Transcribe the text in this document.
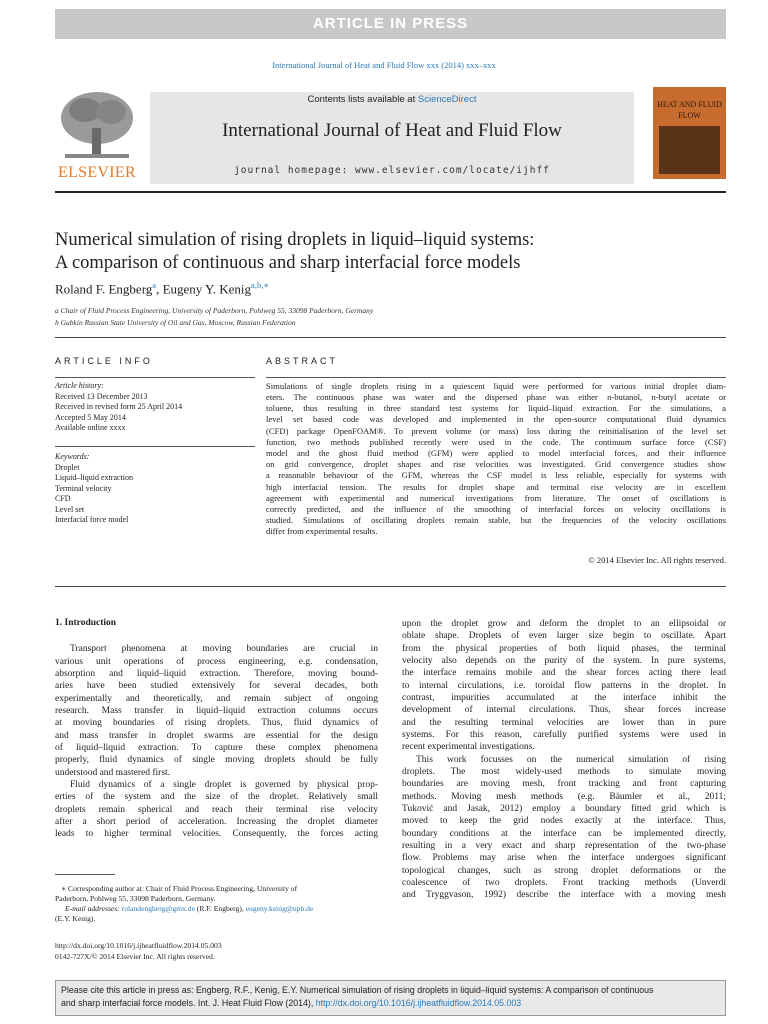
ARTICLE IN PRESS
International Journal of Heat and Fluid Flow xxx (2014) xxx–xxx
ELSEVIER
Contents lists available at ScienceDirect
International Journal of Heat and Fluid Flow
journal homepage: www.elsevier.com/locate/ijhff
HEAT AND FLUID FLOW
Numerical simulation of rising droplets in liquid–liquid systems:
A comparison of continuous and sharp interfacial force models
Roland F. Engberg$^a$, Eugeny Y. Kenig$^{a,b,∗}$
a Chair of Fluid Process Engineering, University of Paderborn, Pohlweg 55, 33098 Paderborn, Germany
b Gubkin Russian State University of Oil and Gas, Moscow, Russian Federation
ARTICLE INFO
Article history:
Received 13 December 2013
Received in revised form 25 April 2014
Accepted 5 May 2014
Available online xxxx
Keywords:
Droplet
Liquid–liquid extraction
Terminal velocity
CFD
Level set
Interfacial force model
ABSTRACT
Simulations of single droplets rising in a quiescent liquid were performed for various initial droplet diam-
eters. The continuous phase was water and the dispersed phase was either n-butanol, n-butyl acetate or
toluene, thus resulting in three standard test systems for liquid–liquid extraction. For the simulations, a
level set based code was developed and implemented in the open-source computational fluid dynamics
(CFD) package OpenFOAM®. To prevent volume (or mass) loss during the reinitialisation of the level set
function, two methods published recently were used in the code. The continuum surface force (CSF)
model and the ghost fluid method (GFM) were applied to model interfacial forces, and their influence
on grid convergence, droplet shapes and rise velocities was investigated. Grid convergence studies show
a reasonable behaviour of the GFM, whereas the CSF model is less reliable, especially for systems with
high interfacial tension. The results for droplet shape and terminal rise velocity are in excellent
agreement with experimental and numerical investigations from literature. The onset of oscillations is
correctly predicted, and the influence of the smoothing of interfacial forces on velocity oscillations is
studied. Simulations of oscillating droplets remain stable, but the frequencies of the velocity oscillations
differ from experimental results.
© 2014 Elsevier Inc. All rights reserved.
1. Introduction
Transport phenomena at moving boundaries are crucial in
various unit operations of process engineering, e.g. condensation,
absorption and liquid–liquid extraction. Therefore, moving bound-
aries have been studied extensively for several decades, both
experimentally and theoretically, and remain subject of ongoing
research. Mass transfer in liquid–liquid extraction columns occurs
at moving boundaries of rising droplets. Thus, fluid dynamics of
and mass transfer in droplet swarms are essential for the design
of liquid–liquid extraction. To capture these complex phenomena
properly, fluid dynamics of single moving droplets should be fully
understood and mastered first.
Fluid dynamics of a single droplet is governed by physical prop-
erties of the system and the size of the droplet. Relatively small
droplets remain spherical and reach their terminal rise velocity
after a short period of acceleration. Increasing the droplet diameter
leads to higher terminal velocities. Consequently, the forces acting
upon the droplet grow and deform the droplet to an ellipsoidal or
oblate shape. Droplets of even larger size begin to oscillate. Apart
from the physical properties of both liquid phases, the terminal
velocity also depends on the purity of the system. In pure systems,
the interface remains mobile and the shear forces acting there lead
to internal circulations, i.e. toroidal flow patterns in the droplet. In
contrast, impurities accumulated at the interface inhibit the
development of internal circulations. Thus, shear forces increase
and the resulting terminal velocities are lower than in pure
systems. For this reason, carefully purified systems were used in
recent experimental investigations.
This work focusses on the numerical simulation of rising
droplets. The most widely-used methods to simulate moving
boundaries are moving mesh, front tracking and front capturing
methods. Moving mesh methods (e.g. Bäumler et al., 2011;
Tuković and Jasak, 2012) employ a boundary fitted grid which is
moved to keep the grid nodes exactly at the interface. Thus,
boundary conditions at the interface can be implemented directly,
resulting in a very exact and sharp representation of the two-phase
flow. Problems may arise when the interface undergoes significant
topological changes, such as strong droplet deformations or the
coalescence of two droplets. Front tracking methods (Unverdi
and Tryggvason, 1992) describe the interface with a moving mesh
∗ Corresponding author at: Chair of Fluid Process Engineering, University of
Paderborn, Pohlweg 55, 33098 Paderborn, Germany.
E-mail addresses: rolandengberg@gmx.de (R.F. Engberg), eugeny.kenig@upb.de
(E.Y. Kenig).
http://dx.doi.org/10.1016/j.ijheatfluidflow.2014.05.003
0142-727X/© 2014 Elsevier Inc. All rights reserved.
Please cite this article in press as: Engberg, R.F., Kenig, E.Y. Numerical simulation of rising droplets in liquid–liquid systems: A comparison of continuous
and sharp interfacial force models. Int. J. Heat Fluid Flow (2014), http://dx.doi.org/10.1016/j.ijheatfluidflow.2014.05.003
